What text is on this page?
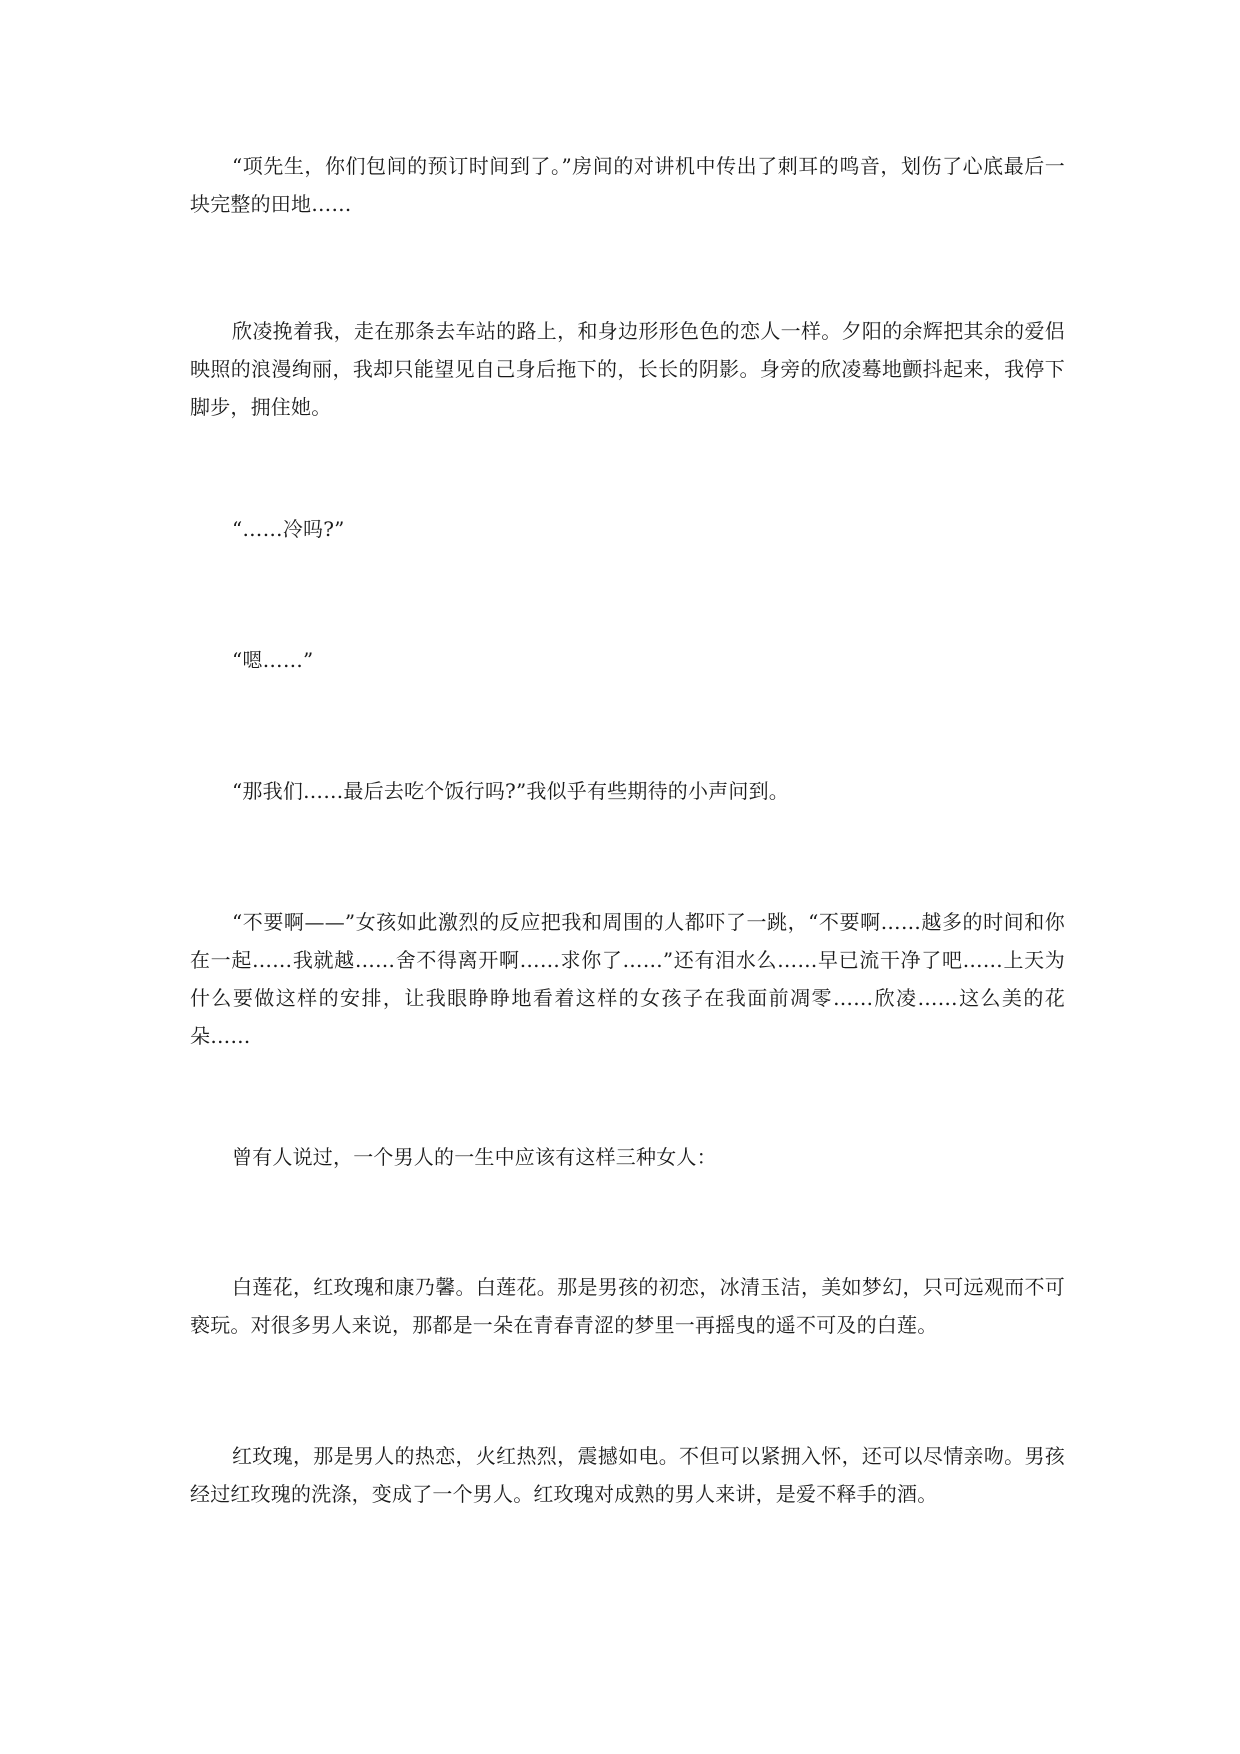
“项先生，你们包间的预订时间到了。”房间的对讲机中传出了刺耳的鸣音，划伤了心底最后一块完整的田地……

欣凌挽着我，走在那条去车站的路上，和身边形形色色的恋人一样。夕阳的余辉把其余的爱侣映照的浪漫绚丽，我却只能望见自己身后拖下的，长长的阴影。身旁的欣凌蓦地颤抖起来，我停下脚步，拥住她。

“……冷吗?”

“嗯……”

“那我们……最后去吃个饭行吗?”我似乎有些期待的小声问到。

“不要啊——”女孩如此激烈的反应把我和周围的人都吓了一跳，“不要啊……越多的时间和你在一起……我就越……舍不得离开啊……求你了……”还有泪水么……早已流干净了吧……上天为什么要做这样的安排，让我眼睁睁地看着这样的女孩子在我面前凋零……欣凌……这么美的花朵……

曾有人说过，一个男人的一生中应该有这样三种女人：

白莲花，红玫瑰和康乃馨。白莲花。那是男孩的初恋，冰清玉洁，美如梦幻，只可远观而不可亵玩。对很多男人来说，那都是一朵在青春青涩的梦里一再摇曳的遥不可及的白莲。

红玫瑰，那是男人的热恋，火红热烈，震撼如电。不但可以紧拥入怀，还可以尽情亲吻。男孩经过红玫瑰的洗涤，变成了一个男人。红玫瑰对成熟的男人来讲，是爱不释手的酒。
